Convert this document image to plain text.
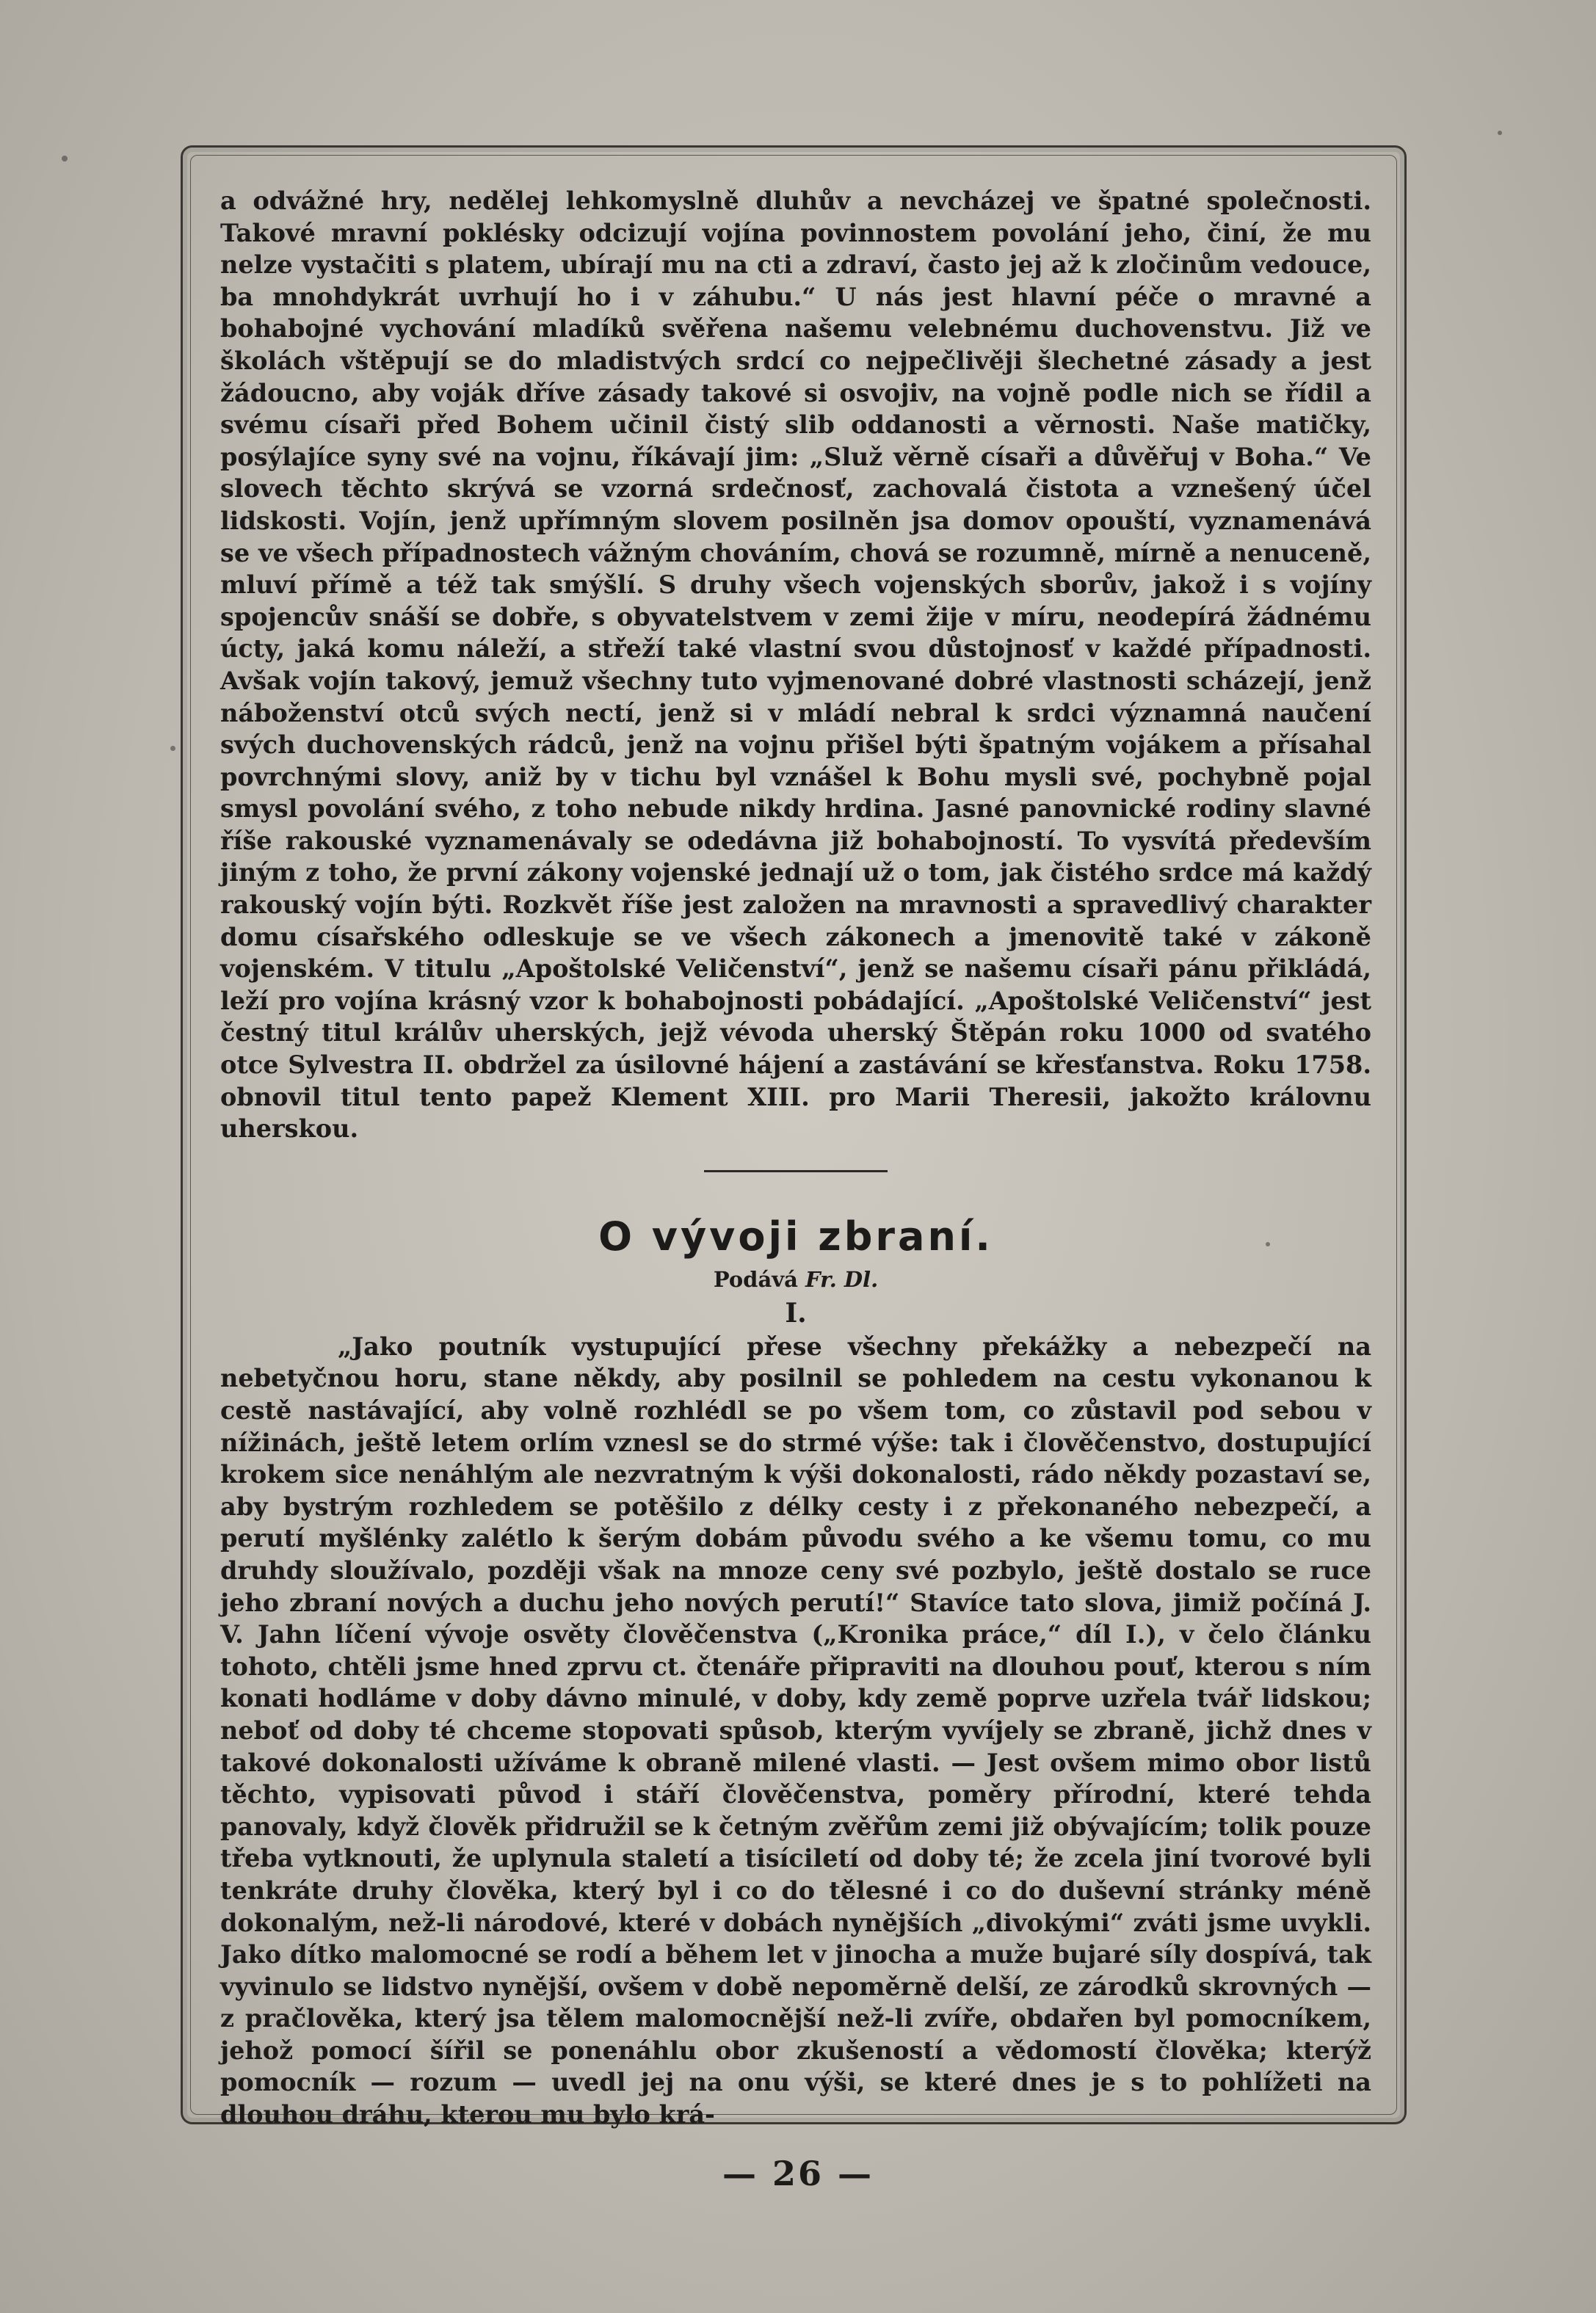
a odvážné hry, nedělej lehkomyslně dluhův a nevcházej ve špatné společnosti. Takové mravní poklésky odcizují vojína povinnostem povolání jeho, činí, že mu nelze vystačiti s platem, ubírají mu na cti a zdraví, často jej až k zločinům vedouce, ba mnohdykrát uvrhují ho i v záhubu.“ U nás jest hlavní péče o mravné a bohabojné vychování mladíků svěřena našemu velebnému duchovenstvu. Již ve školách vštěpují se do mladistvých srdcí co nejpečlivěji šlechetné zásady a jest žádoucno, aby voják dříve zásady takové si osvojiv, na vojně podle nich se řídil a svému císaři před Bohem učinil čistý slib oddanosti a věrnosti. Naše matičky, posýlajíce syny své na vojnu, říkávají jim: „Služ věrně císaři a důvěřuj v Boha.“ Ve slovech těchto skrývá se vzorná srdečnosť, zachovalá čistota a vznešený účel lidskosti. Vojín, jenž upřímným slovem posilněn jsa domov opouští, vyznamenává se ve všech případnostech vážným chováním, chová se rozumně, mírně a nenuceně, mluví přímě a též tak smýšlí. S druhy všech vojenských sborův, jakož i s vojíny spojencův snáší se dobře, s obyvatelstvem v zemi žije v míru, neodepírá žádnému úcty, jaká komu náleží, a střeží také vlastní svou důstojnosť v každé případnosti. Avšak vojín takový, jemuž všechny tuto vyjmenované dobré vlastnosti scházejí, jenž náboženství otců svých nectí, jenž si v mládí nebral k srdci významná naučení svých duchovenských rádců, jenž na vojnu přišel býti špatným vojákem a přísahal povrchnými slovy, aniž by v tichu byl vznášel k Bohu mysli své, pochybně pojal smysl povolání svého, z toho nebude nikdy hrdina. Jasné panovnické rodiny slavné říše rakouské vyznamenávaly se odedávna již bohabojností. To vysvítá především jiným z toho, že první zákony vojenské jednají už o tom, jak čistého srdce má každý rakouský vojín býti. Rozkvět říše jest založen na mravnosti a spravedlivý charakter domu císařského odleskuje se ve všech zákonech a jmenovitě také v zákoně vojenském. V titulu „Apoštolské Veličenství“, jenž se našemu císaři pánu přikládá, leží pro vojína krásný vzor k bohabojnosti pobádající. „Apoštolské Veličenství“ jest čestný titul králův uherských, jejž vévoda uherský Štěpán roku 1000 od svatého otce Sylvestra II. obdržel za úsilovné hájení a zastávání se křesťanstva. Roku 1758. obnovil titul tento papež Klement XIII. pro Marii Theresii, jakožto královnu uherskou.

O vývoji zbraní.

Podává Fr. Dl.

I.

„Jako poutník vystupující přese všechny překážky a nebezpečí na nebetyčnou horu, stane někdy, aby posilnil se pohledem na cestu vykonanou k cestě nastávající, aby volně rozhlédl se po všem tom, co zůstavil pod sebou v nížinách, ještě letem orlím vznesl se do strmé výše: tak i člověčenstvo, dostupující krokem sice nenáhlým ale nezvratným k výši dokonalosti, rádo někdy pozastaví se, aby bystrým rozhledem se potěšilo z délky cesty i z překonaného nebezpečí, a perutí myšlénky zalétlo k šerým dobám původu svého a ke všemu tomu, co mu druhdy sloužívalo, později však na mnoze ceny své pozbylo, ještě dostalo se ruce jeho zbraní nových a duchu jeho nových perutí!“ Stavíce tato slova, jimiž počíná J. V. Jahn líčení vývoje osvěty člověčenstva („Kronika práce,“ díl I.), v čelo článku tohoto, chtěli jsme hned zprvu ct. čtenáře připraviti na dlouhou pouť, kterou s ním konati hodláme v doby dávno minulé, v doby, kdy země poprve uzřela tvář lidskou; neboť od doby té chceme stopovati spůsob, kterým vyvíjely se zbraně, jichž dnes v takové dokonalosti užíváme k obraně milené vlasti. — Jest ovšem mimo obor listů těchto, vypisovati původ i stáří člověčenstva, poměry přírodní, které tehda panovaly, když člověk přidružil se k četným zvěřům zemi již obývajícím; tolik pouze třeba vytknouti, že uplynula staletí a tisíciletí od doby té; že zcela jiní tvorové byli tenkráte druhy člověka, který byl i co do tělesné i co do duševní stránky méně dokonalým, než-li národové, které v dobách nynějších „divokými“ zváti jsme uvykli. Jako dítko malomocné se rodí a během let v jinocha a muže bujaré síly dospívá, tak vyvinulo se lidstvo nynější, ovšem v době nepoměrně delší, ze zárodků skrovných — z pračlověka, který jsa tělem malomocnější než-li zvíře, obdařen byl pomocníkem, jehož pomocí šířil se ponenáhlu obor zkušeností a vědomostí člověka; kterýž pomocník — rozum — uvedl jej na onu výši, se které dnes je s to pohlížeti na dlouhou dráhu, kterou mu bylo krá-

— 26 —
